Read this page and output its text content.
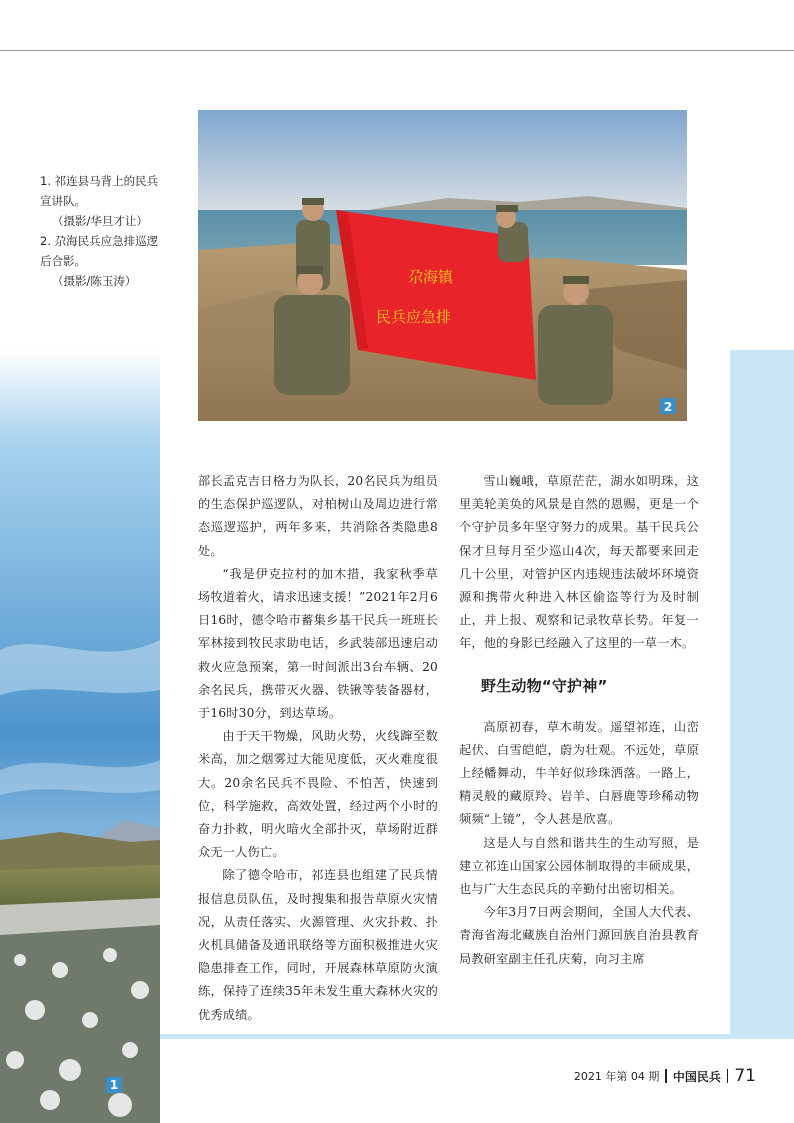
1. 祁连县马背上的民兵宣讲队。

（摄影/华旦才让）

2. 尕海民兵应急排巡逻后合影。

（摄影/陈玉涛）	尕海镇
民兵应急排
2
1

部长孟克吉日格力为队长，20名民兵为组员的生态保护巡逻队，对柏树山及周边进行常态巡逻巡护，两年多来，共消除各类隐患8处。

“我是伊克拉村的加木措，我家秋季草场牧道着火，请求迅速支援！”2021年2月6日16时，德令哈市蓄集乡基干民兵一班班长军林接到牧民求助电话，乡武装部迅速启动救火应急预案，第一时间派出3台车辆、20余名民兵，携带灭火器、铁锹等装备器材，于16时30分，到达草场。

由于天干物燥，风助火势，火线蹿至数米高，加之烟雾过大能见度低，灭火难度很大。20余名民兵不畏险、不怕苦，快速到位，科学施救，高效处置，经过两个小时的奋力扑救，明火暗火全部扑灭，草场附近群众无一人伤亡。

除了德令哈市，祁连县也组建了民兵情报信息员队伍，及时搜集和报告草原火灾情况，从责任落实、火源管理、火灾扑救、扑火机具储备及通讯联络等方面积极推进火灾隐患排查工作，同时，开展森林草原防火演练，保持了连续35年未发生重大森林火灾的优秀成绩。

雪山巍峨，草原茫茫，湖水如明珠，这里美轮美奂的风景是自然的恩赐，更是一个个守护员多年坚守努力的成果。基干民兵公保才旦每月至少巡山4次，每天都要来回走几十公里，对管护区内违规违法破坏环境资源和携带火种进入林区偷盗等行为及时制止，并上报、观察和记录牧草长势。年复一年，他的身影已经融入了这里的一草一木。

野生动物“守护神”

高原初春，草木萌发。遥望祁连，山峦起伏、白雪皑皑，蔚为壮观。不远处，草原上经幡舞动，牛羊好似珍珠洒落。一路上，精灵般的藏原羚、岩羊、白唇鹿等珍稀动物频频“上镜”，令人甚是欣喜。

这是人与自然和谐共生的生动写照，是建立祁连山国家公园体制取得的丰硕成果，也与广大生态民兵的辛勤付出密切相关。

今年3月7日两会期间，全国人大代表、青海省海北藏族自治州门源回族自治县教育局教研室副主任孔庆菊，向习主席

2021 年第 04 期 中国民兵 71
